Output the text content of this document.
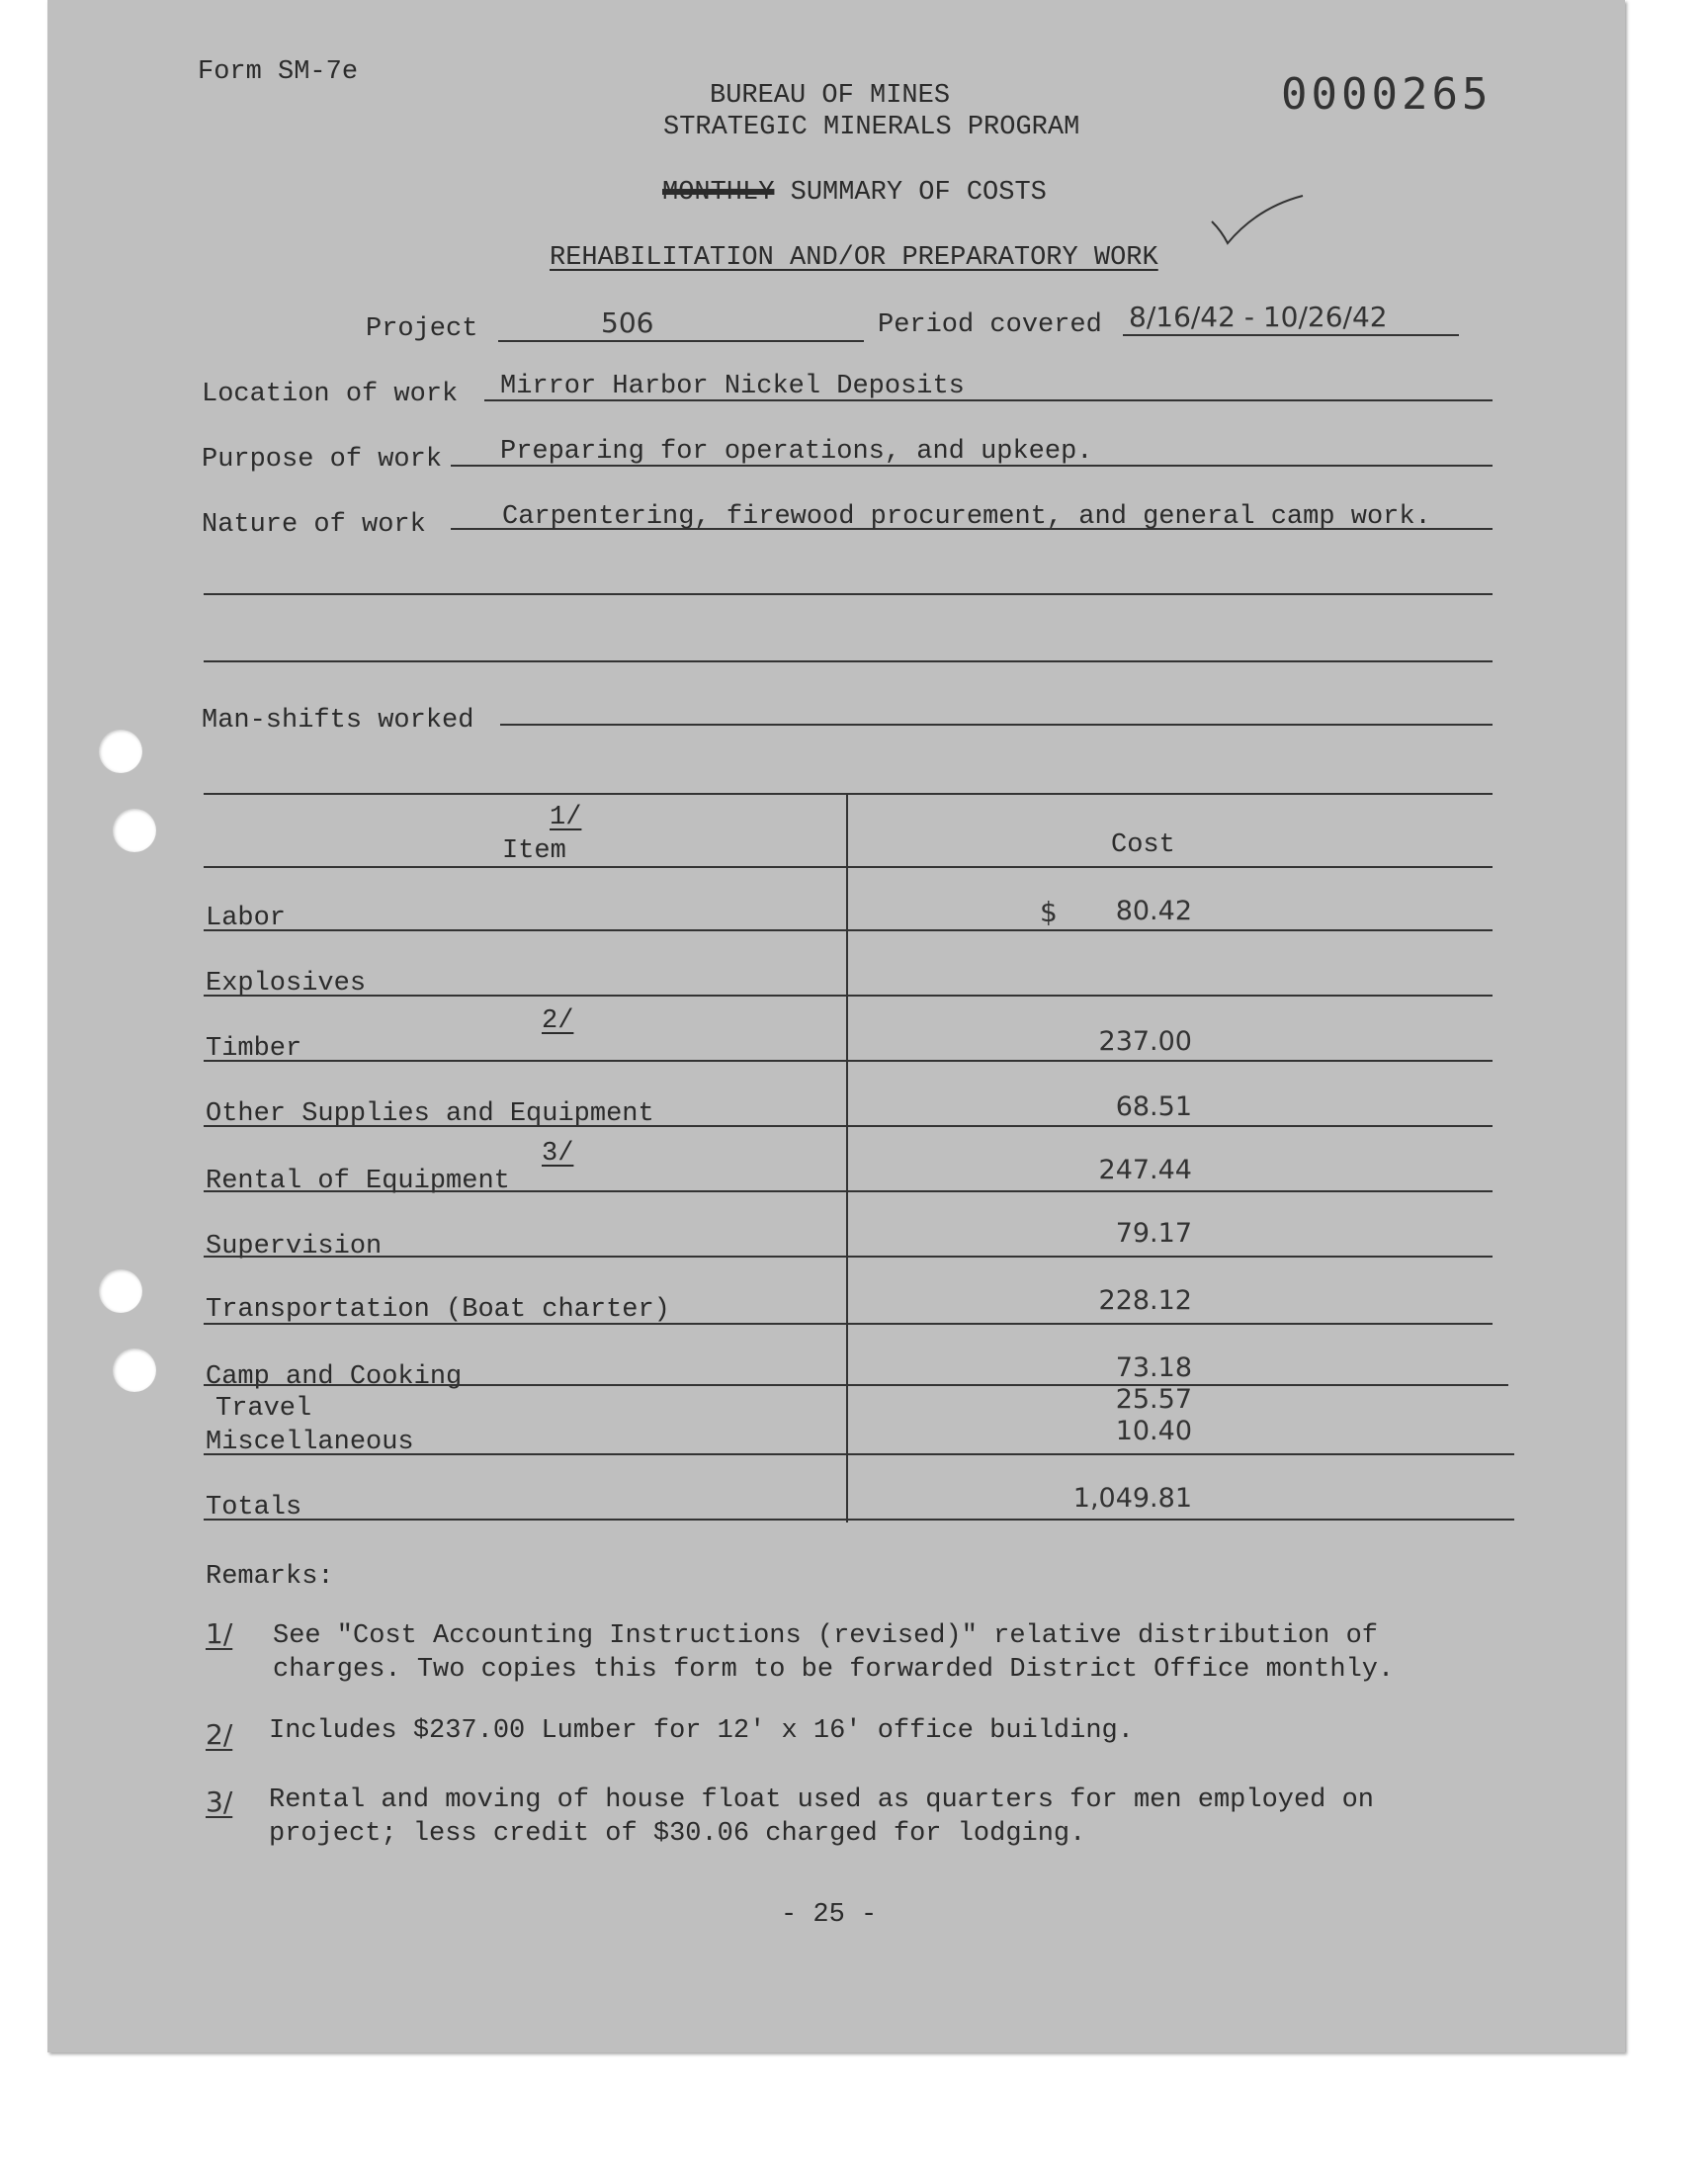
Form SM-7e	0000265
BUREAU OF MINES
STRATEGIC MINERALS PROGRAM
MONTHLY SUMMARY OF COSTS
REHABILITATION AND/OR PREPARATORY WORK
Project	506	Period covered 8/16/42 - 10/26/42
Location of work Mirror Harbor Nickel Deposits
Purpose of work Preparing for operations, and upkeep.
Nature of work	Carpentering, firewood procurement, and general camp work.
Man-shifts worked
1/
Item	Cost
Labor	$	80.42
Explosives
2/
Timber	237.00
Other Supplies and Equipment	68.51
3/
Rental of Equipment	247.44
Supervision	79.17
Transportation (Boat charter)	228.12
Camp and Cooking	73.18
Travel	25.57
Miscellaneous	10.40
Totals	1,049.81
Remarks:
1/ See "Cost Accounting Instructions (revised)" relative distribution of
charges. Two copies this form to be forwarded District Office monthly.
2/ Includes $237.00 Lumber for 12' x 16' office building.
3/ Rental and moving of house float used as quarters for men employed on
project; less credit of $30.06 charged for lodging.
- 25 -
